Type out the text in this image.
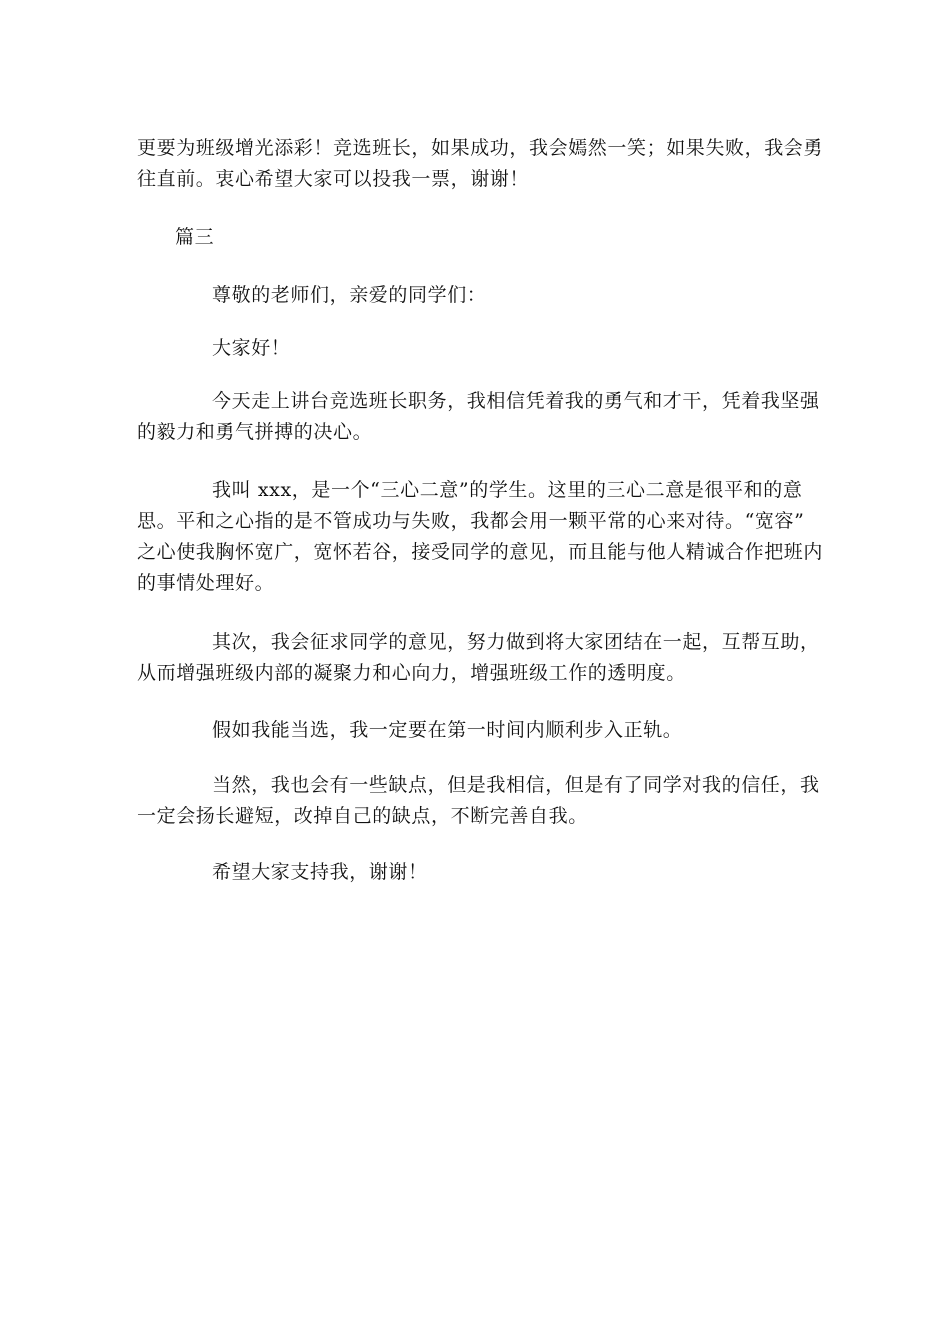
更要为班级增光添彩！竞选班长，如果成功，我会嫣然一笑；如果失败，我会勇
往直前。衷心希望大家可以投我一票，谢谢！
篇三
尊敬的老师们，亲爱的同学们：
大家好！
今天走上讲台竞选班长职务，我相信凭着我的勇气和才干，凭着我坚强
的毅力和勇气拼搏的决心。
我叫 xxx，是一个“三心二意”的学生。这里的三心二意是很平和的意
思。平和之心指的是不管成功与失败，我都会用一颗平常的心来对待。“宽容”
之心使我胸怀宽广，宽怀若谷，接受同学的意见，而且能与他人精诚合作把班内
的事情处理好。
其次，我会征求同学的意见，努力做到将大家团结在一起，互帮互助，
从而增强班级内部的凝聚力和心向力，增强班级工作的透明度。
假如我能当选，我一定要在第一时间内顺利步入正轨。
当然，我也会有一些缺点，但是我相信，但是有了同学对我的信任，我
一定会扬长避短，改掉自己的缺点，不断完善自我。
希望大家支持我，谢谢！
